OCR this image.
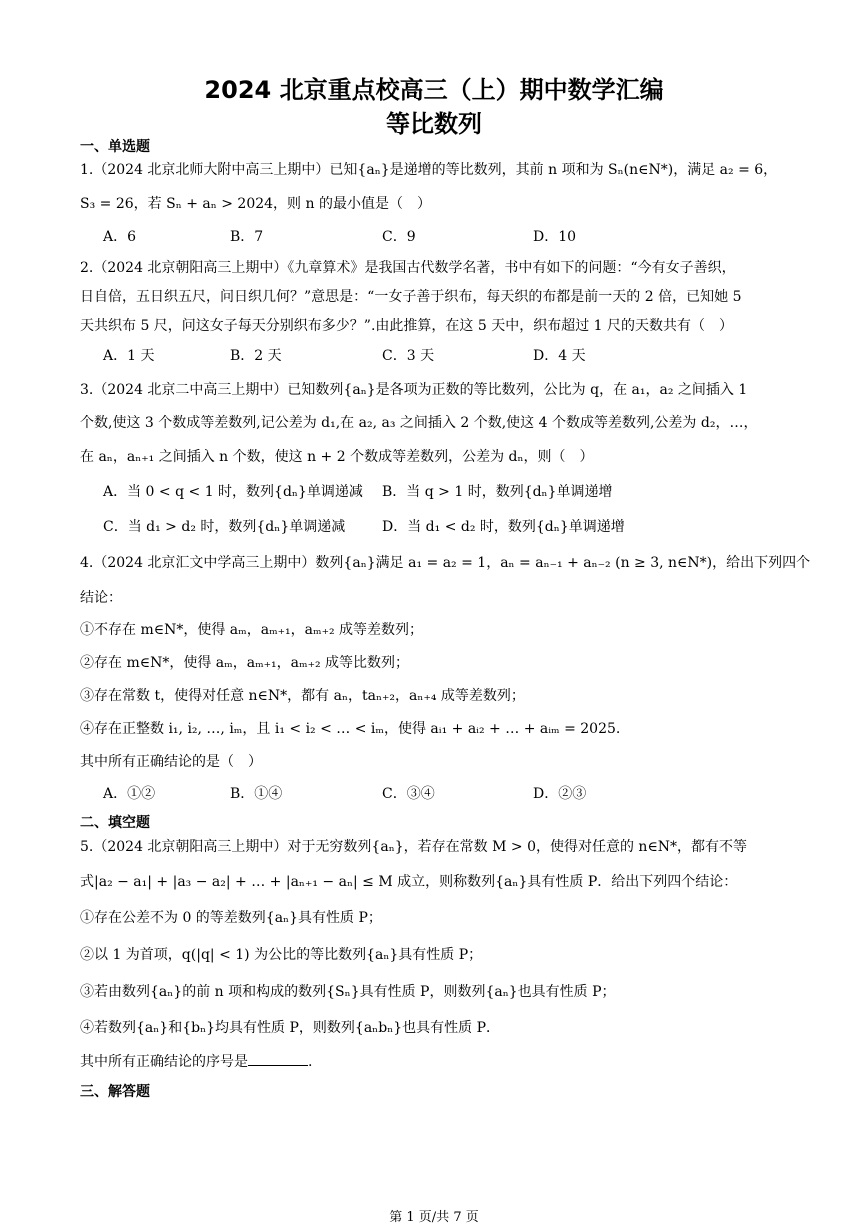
2024 北京重点校高三（上）期中数学汇编
等比数列
一、单选题
1.（2024 北京北师大附中高三上期中）已知{aₙ}是递增的等比数列，其前 n 项和为 Sₙ(n∈N*)，满足 a₂ = 6，
S₃ = 26，若 Sₙ + aₙ > 2024，则 n 的最小值是（　）
A．6	B．7	C．9	D．10
2.（2024 北京朝阳高三上期中）《九章算术》是我国古代数学名著，书中有如下的问题：“今有女子善织，
日自倍，五日织五尺，问日织几何？”意思是：“一女子善于织布，每天织的布都是前一天的 2 倍，已知她 5
天共织布 5 尺，问这女子每天分别织布多少？”.由此推算，在这 5 天中，织布超过 1 尺的天数共有（　）
A．1 天	B．2 天	C．3 天	D．4 天
3.（2024 北京二中高三上期中）已知数列{aₙ}是各项为正数的等比数列，公比为 q，在 a₁，a₂ 之间插入 1
个数,使这 3 个数成等差数列,记公差为 d₁,在 a₂, a₃ 之间插入 2 个数,使这 4 个数成等差数列,公差为 d₂，…，
在 aₙ，aₙ₊₁ 之间插入 n 个数，使这 n + 2 个数成等差数列，公差为 dₙ，则（　）
A．当 0 < q < 1 时，数列{dₙ}单调递减 B．当 q > 1 时，数列{dₙ}单调递增
C．当 d₁ > d₂ 时，数列{dₙ}单调递减	D．当 d₁ < d₂ 时，数列{dₙ}单调递增
4.（2024 北京汇文中学高三上期中）数列{aₙ}满足 a₁ = a₂ = 1，aₙ = aₙ₋₁ + aₙ₋₂ (n ≥ 3, n∈N*)，给出下列四个
结论：
①不存在 m∈N*，使得 aₘ，aₘ₊₁，aₘ₊₂ 成等差数列；
②存在 m∈N*，使得 aₘ，aₘ₊₁，aₘ₊₂ 成等比数列；
③存在常数 t，使得对任意 n∈N*，都有 aₙ，taₙ₊₂，aₙ₊₄ 成等差数列；
④存在正整数 i₁, i₂, …, iₘ，且 i₁ < i₂ < … < iₘ，使得 aᵢ₁ + aᵢ₂ + … + aᵢₘ = 2025.
其中所有正确结论的是（　）
A．①②	B．①④	C．③④	D．②③
二、填空题
5.（2024 北京朝阳高三上期中）对于无穷数列{aₙ}，若存在常数 M > 0，使得对任意的 n∈N*，都有不等
式|a₂ − a₁| + |a₃ − a₂| + … + |aₙ₊₁ − aₙ| ≤ M 成立，则称数列{aₙ}具有性质 P．给出下列四个结论：
①存在公差不为 0 的等差数列{aₙ}具有性质 P；
②以 1 为首项，q(|q| < 1) 为公比的等比数列{aₙ}具有性质 P；
③若由数列{aₙ}的前 n 项和构成的数列{Sₙ}具有性质 P，则数列{aₙ}也具有性质 P；
④若数列{aₙ}和{bₙ}均具有性质 P，则数列{aₙbₙ}也具有性质 P．
其中所有正确结论的序号是	.
三、解答题
第 1 页/共 7 页
